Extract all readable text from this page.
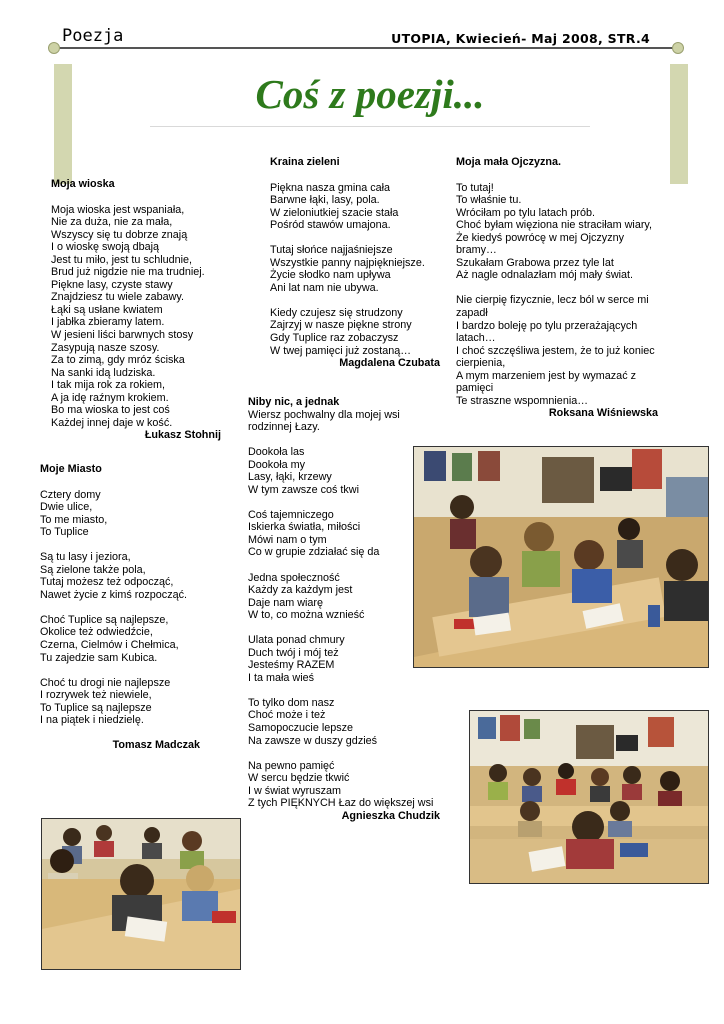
Poezja	UTOPIA, Kwiecień- Maj 2008, STR.4
Coś z poezji...
Moja wioska
Moja wioska jest wspaniała,
Nie za duża, nie za mała,
Wszyscy się tu dobrze znają
I o wioskę swoją dbają
Jest tu miło, jest tu schludnie,
Brud już nigdzie nie ma trudniej.
Piękne lasy, czyste stawy
Znajdziesz tu wiele zabawy.
Łąki są usłane kwiatem
I jabłka zbieramy latem.
W jesieni liści barwnych stosy
Zasypują nasze szosy.
Za to zimą, gdy mróz ściska
Na sanki idą ludziska.
I tak mija rok za rokiem,
A ja idę raźnym krokiem.
Bo ma wioska to jest coś
Każdej innej daje w kość.
Łukasz Stohnij
Moje Miasto
Cztery domy
Dwie ulice,
To me miasto,
To Tuplice
Są tu lasy i jeziora,
Są zielone także pola,
Tutaj możesz też odpocząć,
Nawet życie z kimś rozpocząć.
Choć Tuplice są najlepsze,
Okolice też odwiedźcie,
Czerna, Cielmów i Chełmica,
Tu zajedzie sam Kubica.
Choć tu drogi nie najlepsze
I rozrywek też niewiele,
To Tuplice są najlepsze
I na piątek i niedzielę.
Tomasz Madczak
Kraina zieleni
Piękna nasza gmina cała
Barwne łąki, lasy, pola.
W zieloniutkiej szacie stała
Pośród stawów umajona.
Tutaj słońce najjaśniejsze
Wszystkie panny najpiękniejsze.
Życie słodko nam upływa
Ani lat nam nie ubywa.
Kiedy czujesz się strudzony
Zajrzyj w nasze piękne strony
Gdy Tuplice raz zobaczysz
W twej pamięci już zostaną…
Magdalena Czubata
Niby nic, a jednak
Wiersz pochwalny dla mojej wsi
rodzinnej Łazy.
Dookoła las
Dookoła my
Lasy, łąki, krzewy
W tym zawsze coś tkwi
Coś tajemniczego
Iskierka światła, miłości
Mówi nam o tym
Co w grupie zdziałać się da
Jedna społeczność
Każdy za każdym jest
Daje nam wiarę
W to, co można wznieść
Ulata ponad chmury
Duch twój i mój też
Jesteśmy RAZEM
I ta mała wieś
To tylko dom nasz
Choć może i też
Samopoczucie lepsze
Na zawsze w duszy gdzieś
Na pewno pamięć
W sercu będzie tkwić
I w świat wyruszam
Z tych PIĘKNYCH Łaz do większej wsi
Agnieszka Chudzik
Moja mała Ojczyzna.
To tutaj!
To właśnie tu.
Wróciłam po tylu latach prób.
Choć byłam więziona nie straciłam wiary,
Że kiedyś powrócę w mej Ojczyzny
bramy…
Szukałam Grabowa przez tyle lat
Aż nagle odnalazłam mój mały świat.
Nie cierpię fizycznie, lecz ból w serce mi
zapadł
I bardzo boleję po tylu przerażających
latach…
I choć szczęśliwa jestem, że to już koniec
cierpienia,
A mym marzeniem jest by wymazać z
pamięci
Te straszne wspomnienia…
Roksana Wiśniewska
